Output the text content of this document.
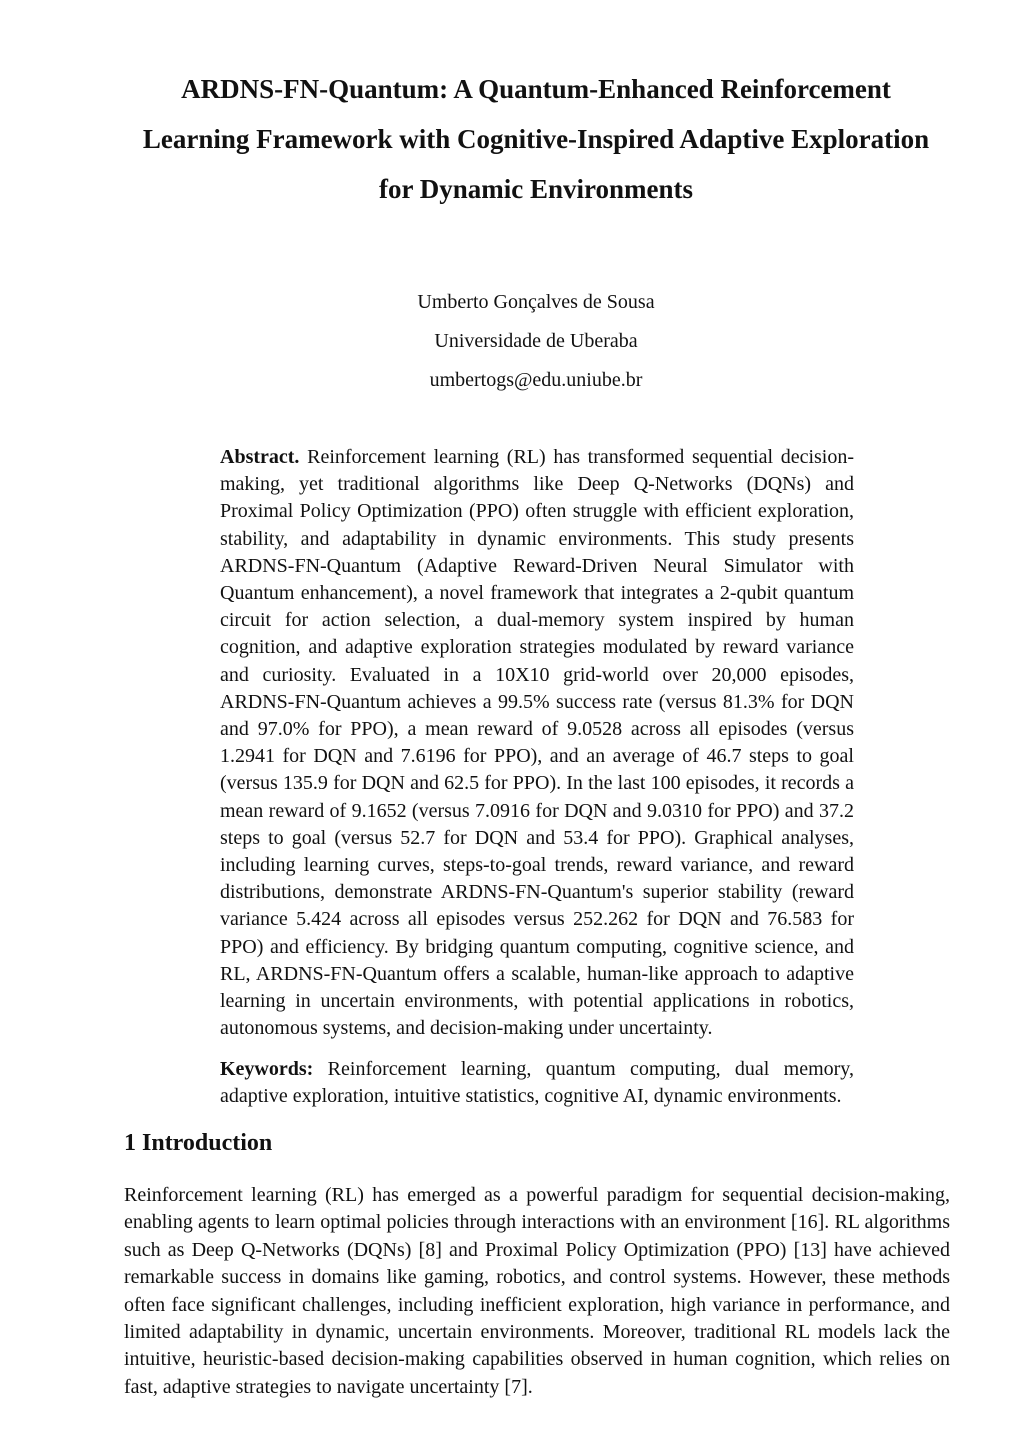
ARDNS-FN-Quantum: A Quantum-Enhanced Reinforcement
Learning Framework with Cognitive-Inspired Adaptive Exploration
for Dynamic Environments
Umberto Gonçalves de Sousa
Universidade de Uberaba
umbertogs@edu.uniube.br

Abstract. Reinforcement learning (RL) has transformed sequential decision-making, yet traditional algorithms like Deep Q-Networks (DQNs) and Proximal Policy Optimization (PPO) often struggle with efficient exploration, stability, and adaptability in dynamic environments. This study presents ARDNS-FN-Quantum (Adaptive Reward-Driven Neural Simulator with Quantum enhancement), a novel framework that integrates a 2-qubit quantum circuit for action selection, a dual-memory system inspired by human cognition, and adaptive exploration strategies modulated by reward variance and curiosity. Evaluated in a 10X10 grid-world over 20,000 episodes, ARDNS-FN-Quantum achieves a 99.5% success rate (versus 81.3% for DQN and 97.0% for PPO), a mean reward of 9.0528 across all episodes (versus 1.2941 for DQN and 7.6196 for PPO), and an average of 46.7 steps to goal (versus 135.9 for DQN and 62.5 for PPO). In the last 100 episodes, it records a mean reward of 9.1652 (versus 7.0916 for DQN and 9.0310 for PPO) and 37.2 steps to goal (versus 52.7 for DQN and 53.4 for PPO). Graphical analyses, including learning curves, steps-to-goal trends, reward variance, and reward distributions, demonstrate ARDNS-FN-Quantum's superior stability (reward variance 5.424 across all episodes versus 252.262 for DQN and 76.583 for PPO) and efficiency. By bridging quantum computing, cognitive science, and RL, ARDNS-FN-Quantum offers a scalable, human-like approach to adaptive learning in uncertain environments, with potential applications in robotics, autonomous systems, and decision-making under uncertainty.

Keywords: Reinforcement learning, quantum computing, dual memory, adaptive exploration, intuitive statistics, cognitive AI, dynamic environments.

1 Introduction

Reinforcement learning (RL) has emerged as a powerful paradigm for sequential decision-making, enabling agents to learn optimal policies through interactions with an environment [16]. RL algorithms such as Deep Q-Networks (DQNs) [8] and Proximal Policy Optimization (PPO) [13] have achieved remarkable success in domains like gaming, robotics, and control systems. However, these methods often face significant challenges, including inefficient exploration, high variance in performance, and limited adaptability in dynamic, uncertain environments. Moreover, traditional RL models lack the intuitive, heuristic-based decision-making capabilities observed in human cognition, which relies on fast, adaptive strategies to navigate uncertainty [7].
